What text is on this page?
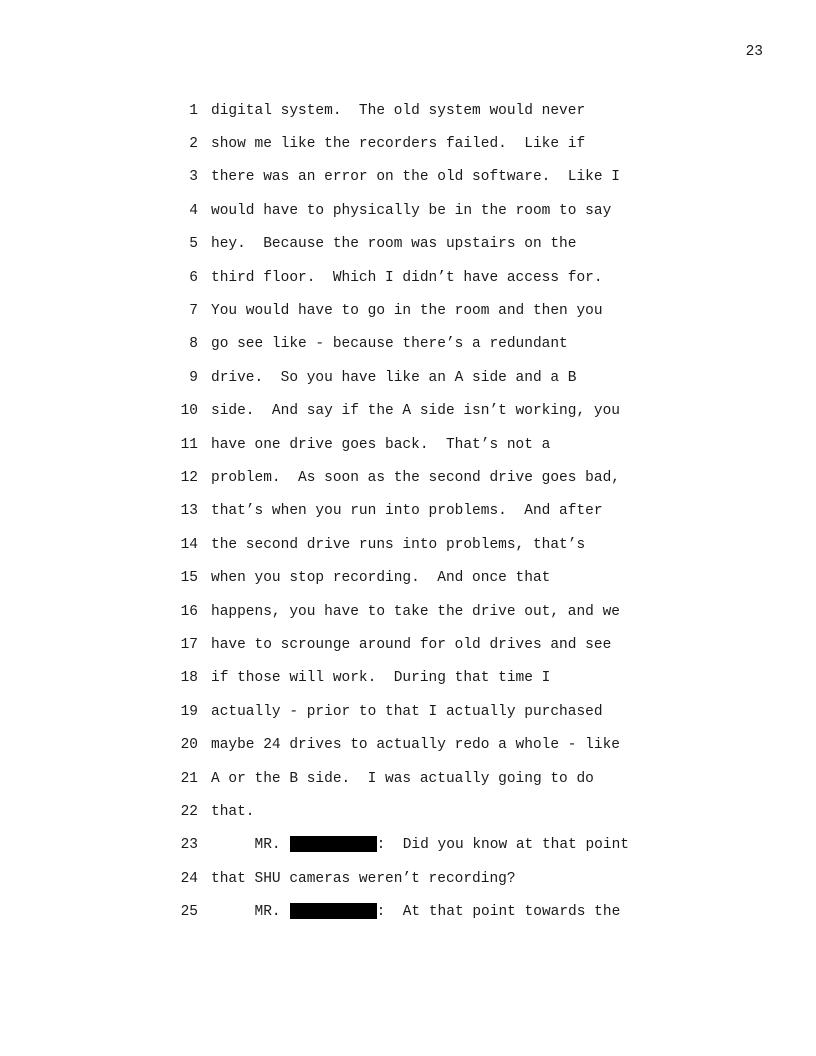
23
1 digital system.  The old system would never
2 show me like the recorders failed.  Like if
3 there was an error on the old software.  Like I
4 would have to physically be in the room to say
5 hey.  Because the room was upstairs on the
6 third floor.  Which I didn’t have access for.
7 You would have to go in the room and then you
8 go see like - because there’s a redundant
9 drive.  So you have like an A side and a B
10 side.  And say if the A side isn’t working, you
11 have one drive goes back.  That’s not a
12 problem.  As soon as the second drive goes bad,
13 that’s when you run into problems.  And after
14 the second drive runs into problems, that’s
15 when you stop recording.  And once that
16 happens, you have to take the drive out, and we
17 have to scrounge around for old drives and see
18 if those will work.  During that time I
19 actually - prior to that I actually purchased
20 maybe 24 drives to actually redo a whole - like
21 A or the B side.  I was actually going to do
22 that.
23 MR.	:  Did you know at that point
24 that SHU cameras weren’t recording?
25 MR.	:  At that point towards the
